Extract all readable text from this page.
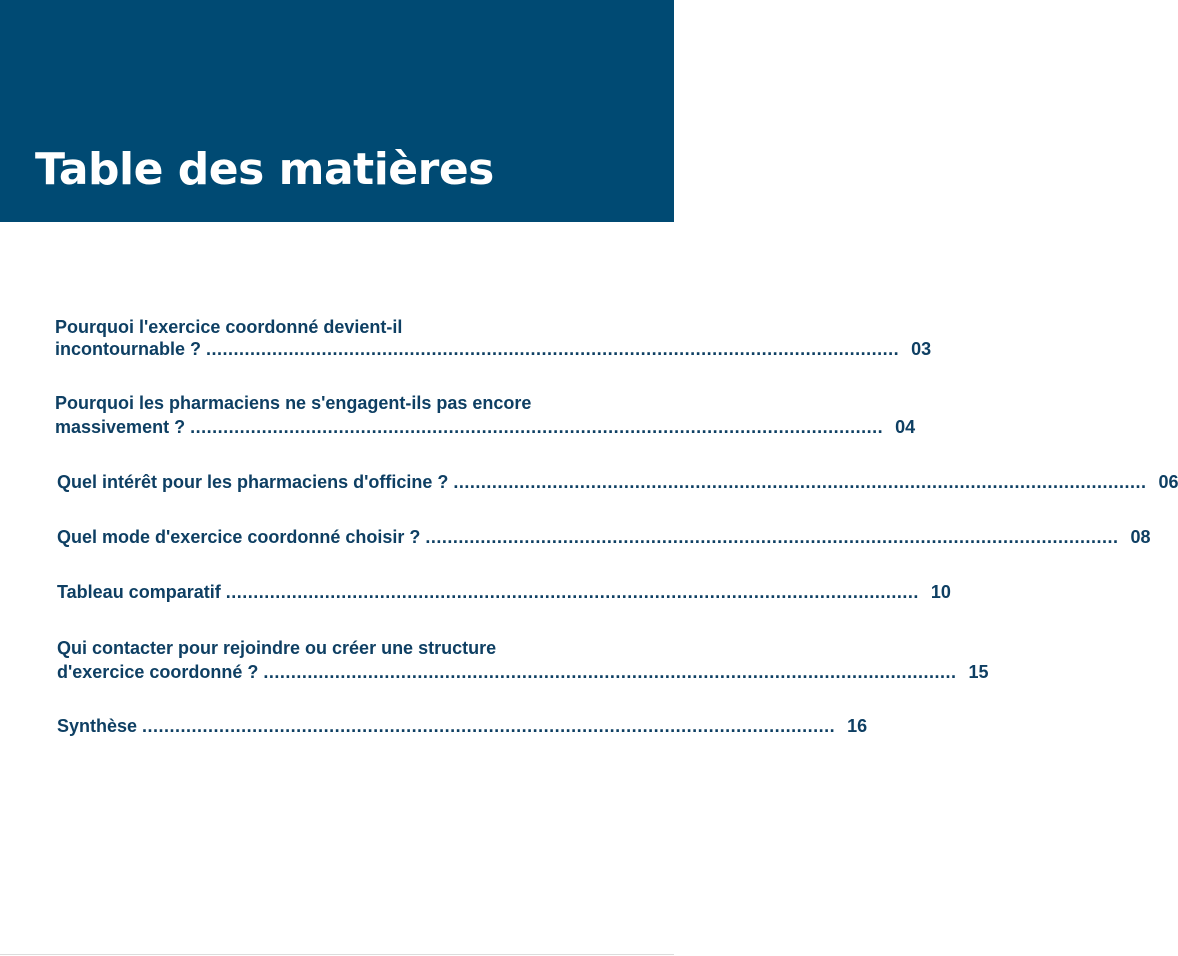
Table des matières
Pourquoi l'exercice coordonné devient-il
incontournable ? .............................................................................................................................. 03
Pourquoi les pharmaciens ne s'engagent-ils pas encore
massivement ? .............................................................................................................................. 04
Quel intérêt pour les pharmaciens d'officine ? .............................................................................................................................. 06
Quel mode d'exercice coordonné choisir ? .............................................................................................................................. 08
Tableau comparatif .............................................................................................................................. 10
Qui contacter pour rejoindre ou créer une structure
d'exercice coordonné ? .............................................................................................................................. 15
Synthèse .............................................................................................................................. 16
